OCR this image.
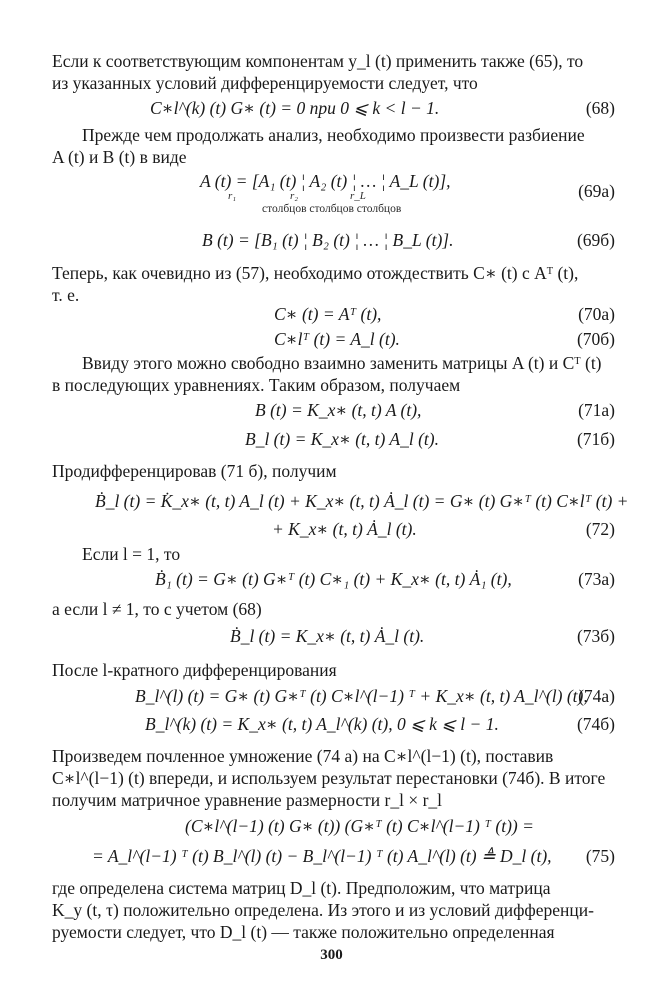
Если к соответствующим компонентам y_l (t) применить также (65), то
из указанных условий дифференцируемости следует, что
C∗l^(k) (t) G∗ (t) = 0 при 0 ⩽ k < l − 1.	(68)
Прежде чем продолжать анализ, необходимо произвести разбиение
A (t) и B (t) в виде
A (t) = [A₁ (t) ¦ A₂ (t) ¦ … ¦ A_L (t)],	(69а)
r₁	r₂	r_L
столбцов столбцов столбцов
B (t) = [B₁ (t) ¦ B₂ (t) ¦ … ¦ B_L (t)].	(69б)
Теперь, как очевидно из (57), необходимо отождествить C∗ (t) с Aᵀ (t),
т. е.
C∗ (t) = Aᵀ (t),	(70а)
C∗lᵀ (t) = A_l (t).	(70б)
Ввиду этого можно свободно взаимно заменить матрицы A (t) и Cᵀ (t)
в последующих уравнениях. Таким образом, получаем
B (t) = K_x∗ (t, t) A (t),	(71а)
B_l (t) = K_x∗ (t, t) A_l (t).	(71б)
Продифференцировав (71 б), получим
Ḃ_l (t) = K̇_x∗ (t, t) A_l (t) + K_x∗ (t, t) Ȧ_l (t) = G∗ (t) G∗ᵀ (t) C∗lᵀ (t) +
+ K_x∗ (t, t) Ȧ_l (t).	(72)
Если l = 1, то
Ḃ₁ (t) = G∗ (t) G∗ᵀ (t) C∗₁ (t) + K_x∗ (t, t) Ȧ₁ (t),	(73а)
а если l ≠ 1, то с учетом (68)
Ḃ_l (t) = K_x∗ (t, t) Ȧ_l (t).	(73б)
После l-кратного дифференцирования
B_l^(l) (t) = G∗ (t) G∗ᵀ (t) C∗l^(l−1) ᵀ + K_x∗ (t, t) A_l^(l) (t),
(74а)
B_l^(k) (t) = K_x∗ (t, t) A_l^(k) (t), 0 ⩽ k ⩽ l − 1.	(74б)
Произведем почленное умножение (74 а) на C∗l^(l−1) (t), поставив
C∗l^(l−1) (t) впереди, и используем результат перестановки (74б). В итоге
получим матричное уравнение размерности r_l × r_l
(C∗l^(l−1) (t) G∗ (t)) (G∗ᵀ (t) C∗l^(l−1) ᵀ (t)) =
= A_l^(l−1) ᵀ (t) B_l^(l) (t) − B_l^(l−1) ᵀ (t) A_l^(l) (t) ≜ D_l (t), (75)
где определена система матриц D_l (t). Предположим, что матрица
K_y (t, τ) положительно определена. Из этого и из условий дифференци-
руемости следует, что D_l (t) — также положительно определенная
300
